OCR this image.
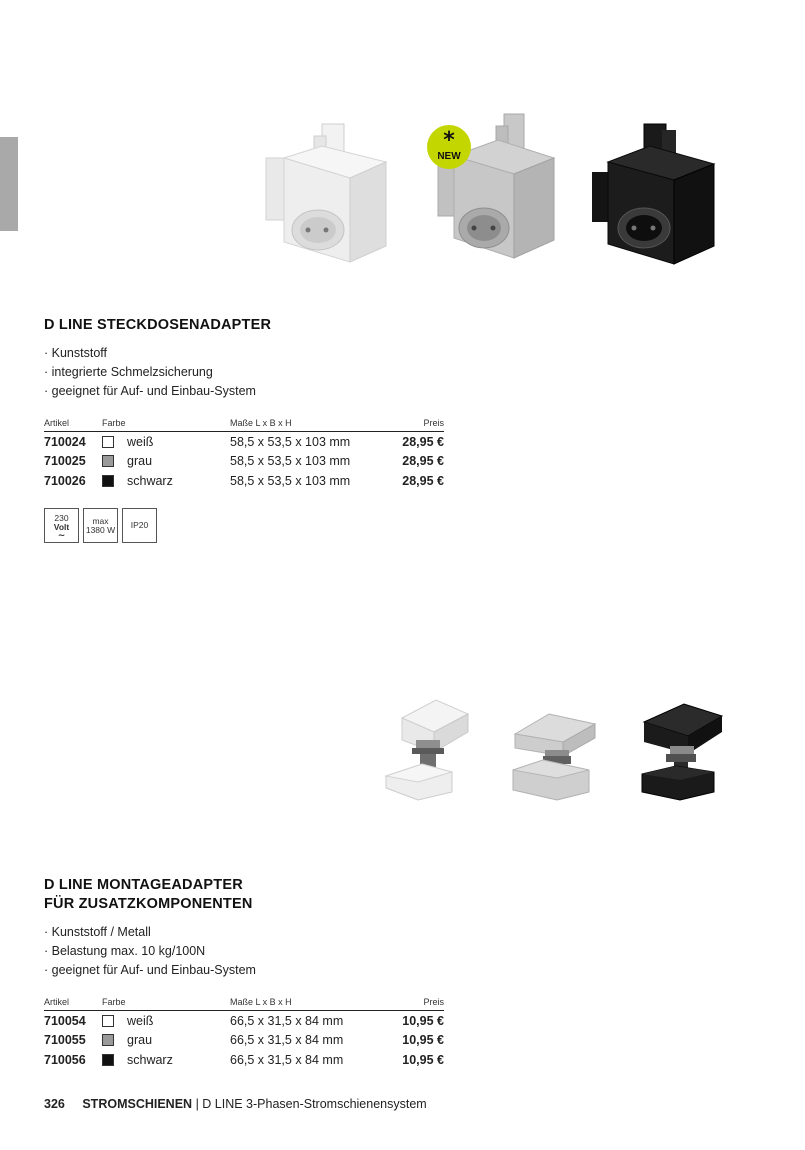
*
NEW
D LINE STECKDOSENADAPTER
· Kunststoff
· integrierte Schmelzsicherung
· geeignet für Auf- und Einbau-System
Artikel	Farbe	Maße L x B x H	Preis
710024	weiß	58,5 x 53,5 x 103 mm	28,95 €
710025	grau	58,5 x 53,5 x 103 mm	28,95 €
710026	schwarz	58,5 x 53,5 x 103 mm	28,95 €
230
Volt
∼
max
1380 W IP20
D LINE MONTAGEADAPTER
FÜR ZUSATZKOMPONENTEN
· Kunststoff / Metall
· Belastung max. 10 kg/100N
· geeignet für Auf- und Einbau-System
Artikel	Farbe	Maße L x B x H	Preis
710054	weiß	66,5 x 31,5 x 84 mm	10,95 €
710055	grau	66,5 x 31,5 x 84 mm	10,95 €
710056	schwarz	66,5 x 31,5 x 84 mm	10,95 €
326 STROMSCHIENEN | D LINE 3-Phasen-Stromschienensystem
